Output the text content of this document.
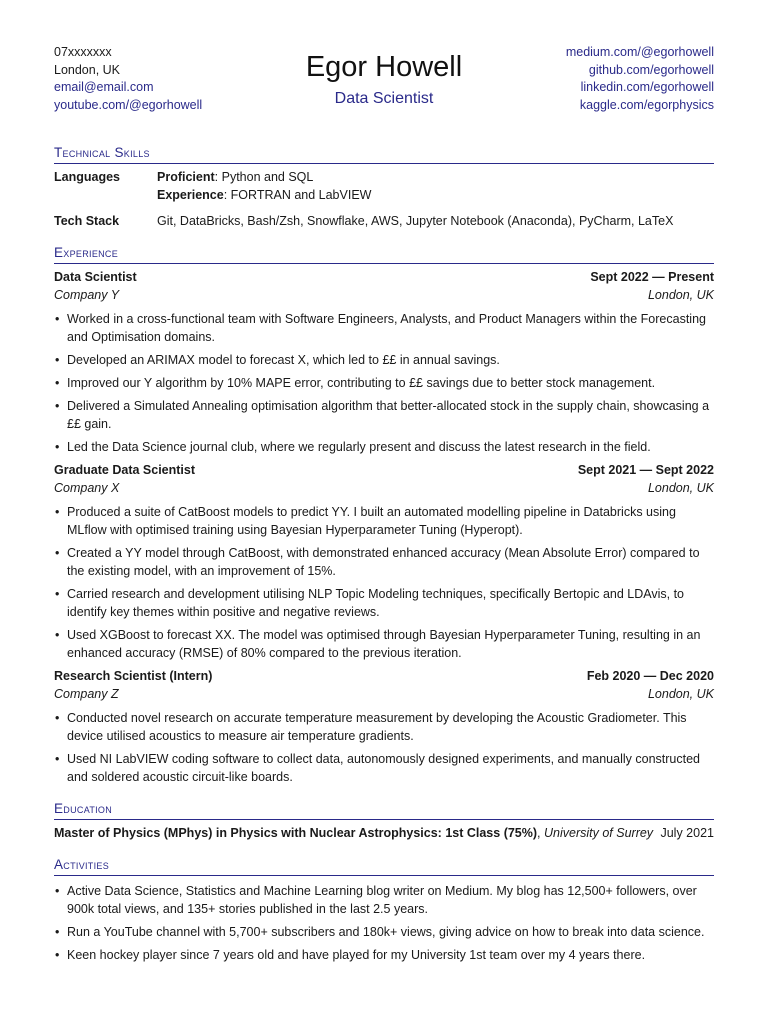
07xxxxxxx
London, UK
email@email.com
youtube.com/@egorhowell
Egor Howell
Data Scientist
medium.com/@egorhowell
github.com/egorhowell
linkedin.com/egorhowell
kaggle.com/egorphysics
Technical Skills
Languages	Proficient: Python and SQL
Experience: FORTRAN and LabVIEW
Tech Stack	Git, DataBricks, Bash/Zsh, Snowflake, AWS, Jupyter Notebook (Anaconda), PyCharm, LaTeX
Experience
Data Scientist	Sept 2022 — Present
Company Y	London, UK
• Worked in a cross-functional team with Software Engineers, Analysts, and Product Managers within the Forecasting and Optimisation domains.
• Developed an ARIMAX model to forecast X, which led to ££ in annual savings.
• Improved our Y algorithm by 10% MAPE error, contributing to ££ savings due to better stock management.
• Delivered a Simulated Annealing optimisation algorithm that better-allocated stock in the supply chain, showcasing a ££ gain.
• Led the Data Science journal club, where we regularly present and discuss the latest research in the field.
Graduate Data Scientist	Sept 2021 — Sept 2022
Company X	London, UK
• Produced a suite of CatBoost models to predict YY. I built an automated modelling pipeline in Databricks using MLflow with optimised training using Bayesian Hyperparameter Tuning (Hyperopt).
• Created a YY model through CatBoost, with demonstrated enhanced accuracy (Mean Absolute Error) compared to the existing model, with an improvement of 15%.
• Carried research and development utilising NLP Topic Modeling techniques, specifically Bertopic and LDAvis, to identify key themes within positive and negative reviews.
• Used XGBoost to forecast XX. The model was optimised through Bayesian Hyperparameter Tuning, resulting in an enhanced accuracy (RMSE) of 80% compared to the previous iteration.
Research Scientist (Intern)	Feb 2020 — Dec 2020
Company Z	London, UK
• Conducted novel research on accurate temperature measurement by developing the Acoustic Gradiometer. This device utilised acoustics to measure air temperature gradients.
• Used NI LabVIEW coding software to collect data, autonomously designed experiments, and manually constructed and soldered acoustic circuit-like boards.
Education
Master of Physics (MPhys) in Physics with Nuclear Astrophysics: 1st Class (75%), University of Surrey July 2021
Activities
• Active Data Science, Statistics and Machine Learning blog writer on Medium. My blog has 12,500+ followers, over 900k total views, and 135+ stories published in the last 2.5 years.
• Run a YouTube channel with 5,700+ subscribers and 180k+ views, giving advice on how to break into data science.
• Keen hockey player since 7 years old and have played for my University 1st team over my 4 years there.
